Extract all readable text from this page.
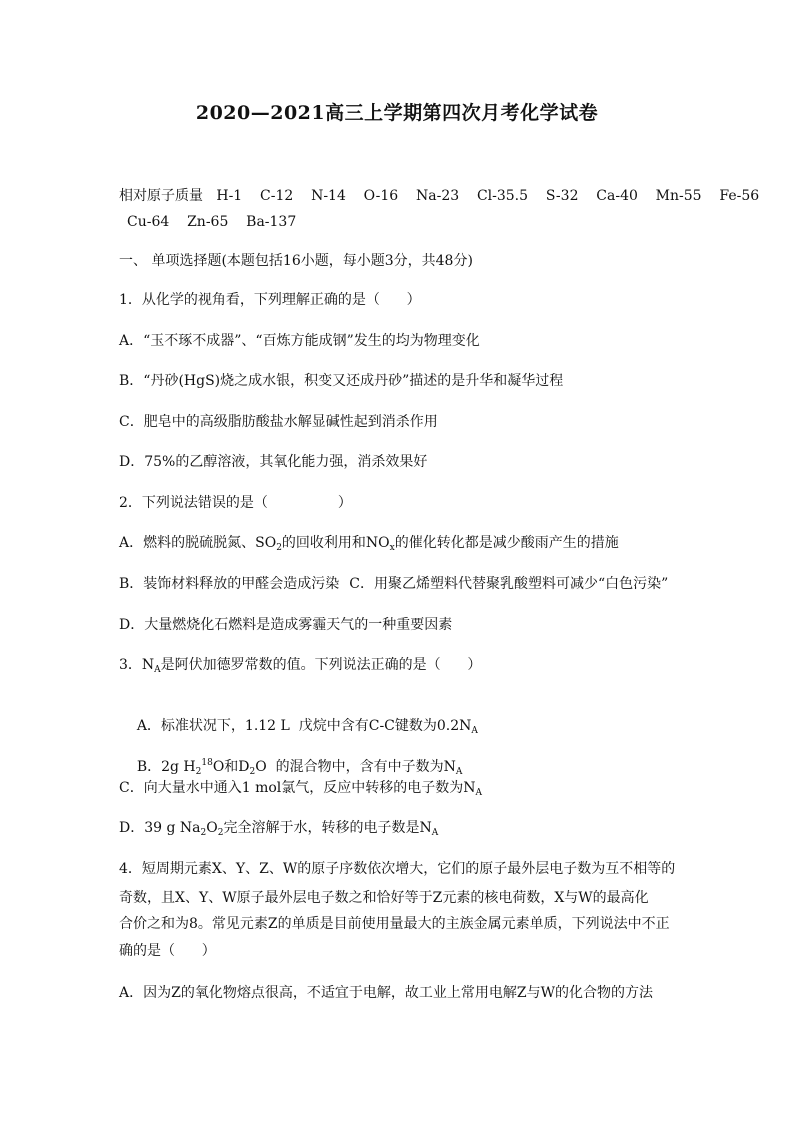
2020—2021高三上学期第四次月考化学试卷
相对原子质量 H-1    C-12    N-14    O-16    Na-23    Cl-35.5    S-32    Ca-40    Mn-55    Fe-56
Cu-64    Zn-65    Ba-137
一、 单项选择题(本题包括16小题，每小题3分，共48分)
1．从化学的视角看，下列理解正确的是（      ）
A．“玉不琢不成器”、“百炼方能成钢”发生的均为物理变化
B．“丹砂(HgS)烧之成水银，积变又还成丹砂”描述的是升华和凝华过程
C．肥皂中的高级脂肪酸盐水解显碱性起到消杀作用
D．75%的乙醇溶液，其氧化能力强，消杀效果好
2．下列说法错误的是（	）
A．燃料的脱硫脱氮、$SO_2$的回收利用和$NO_x$的催化转化都是减少酸雨产生的措施
B．装饰材料释放的甲醛会造成污染 C．用聚乙烯塑料代替聚乳酸塑料可减少“白色污染”
D．大量燃烧化石燃料是造成雾霾天气的一种重要因素
3．$N_A$是阿伏加德罗常数的值。下列说法正确的是（      ）

A．标准状况下，1.12 L  戊烷中含有C-C键数为$0.2N_A$

B．2g $H_2^{18}O$和$D_2O$  的混合物中，含有中子数为$N_A$

C．向大量水中通入1 mol氯气，反应中转移的电子数为$N_A$
D．39 g $Na_2O_2$完全溶解于水，转移的电子数是$N_A$
4．短周期元素X、Y、Z、W的原子序数依次增大，它们的原子最外层电子数为互不相等的
奇数，且X、Y、W原子最外层电子数之和恰好等于Z元素的核电荷数，X与W的最高化
合价之和为8。常见元素Z的单质是目前使用量最大的主族金属元素单质，下列说法中不正
确的是（      ）
A．因为Z的氧化物熔点很高，不适宜于电解，故工业上常用电解Z与W的化合物的方法
